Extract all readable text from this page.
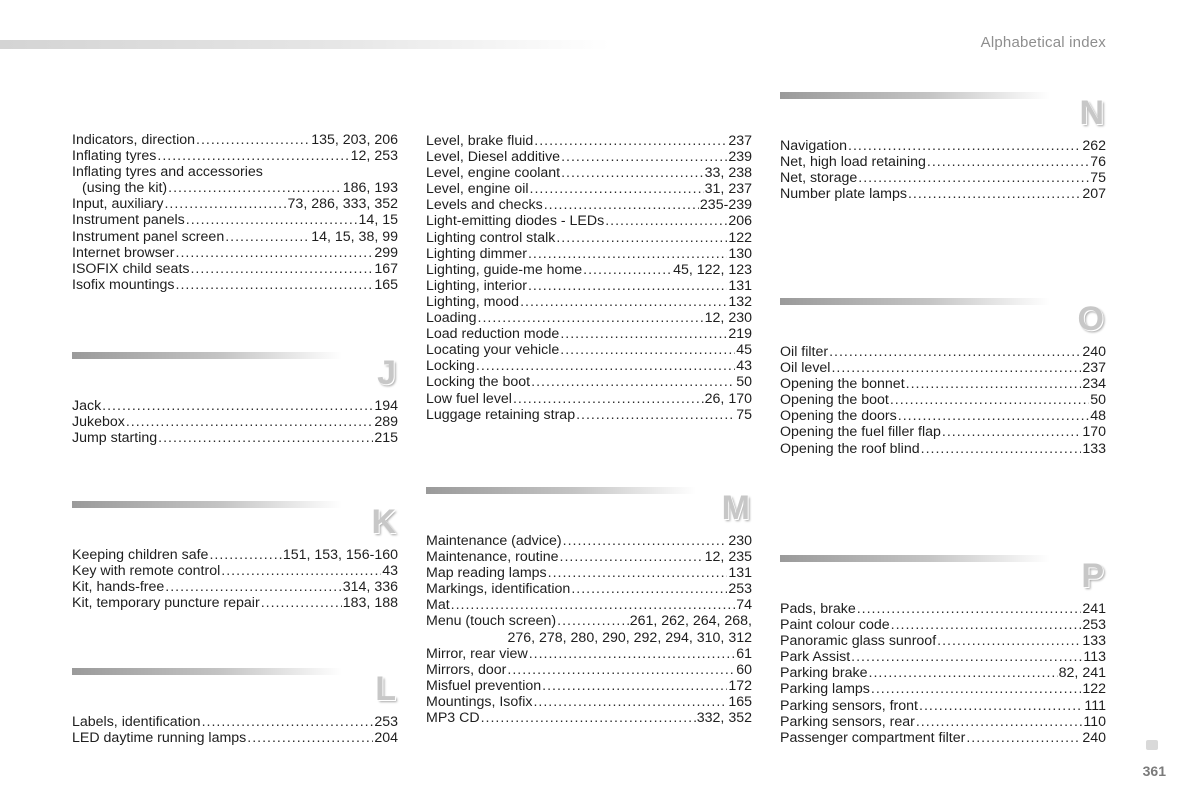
Alphabetical index
Indicators, direction .....	135, 203, 206
Inflating tyres .....	12, 253
Inflating tyres and accessories
(using the kit) .....	186, 193
Input, auxiliary .....	73, 286, 333, 352
Instrument panels .....	14, 15
Instrument panel screen .....	14, 15, 38, 99
Internet browser .....	299
ISOFIX child seats .....	167
Isofix mountings .....	165
J
Jack .....	194
Jukebox .....	289
Jump starting .....	215
K
Keeping children safe .....	151, 153, 156-160
Key with remote control .....	43
Kit, hands-free .....	314, 336
Kit, temporary puncture repair .....	183, 188
L
Labels, identification .....	253
LED daytime running lamps .....	204
Level, brake fluid .....	237
Level, Diesel additive .....	239
Level, engine coolant .....	33, 238
Level, engine oil .....	31, 237
Levels and checks .....	235-239
Light-emitting diodes - LEDs .....	206
Lighting control stalk .....	122
Lighting dimmer .....	130
Lighting, guide-me home .....	45, 122, 123
Lighting, interior .....	131
Lighting, mood .....	132
Loading .....	12, 230
Load reduction mode .....	219
Locating your vehicle .....	45
Locking .....	43
Locking the boot .....	50
Low fuel level .....	26, 170
Luggage retaining strap .....	75
M
Maintenance (advice) .....	230
Maintenance, routine .....	12, 235
Map reading lamps .....	131
Markings, identification .....	253
Mat .....	74
Menu (touch screen) .....	261, 262, 264, 268,
276, 278, 280, 290, 292, 294, 310, 312
Mirror, rear view .....	61
Mirrors, door .....	60
Misfuel prevention .....	172
Mountings, Isofix .....	165
MP3 CD .....	332, 352
N
Navigation .....	262
Net, high load retaining .....	76
Net, storage .....	75
Number plate lamps .....	207
O
Oil filter .....	240
Oil level .....	237
Opening the bonnet .....	234
Opening the boot .....	50
Opening the doors .....	48
Opening the fuel filler flap .....	170
Opening the roof blind .....	133
P
Pads, brake .....	241
Paint colour code .....	253
Panoramic glass sunroof .....	133
Park Assist .....	113
Parking brake .....	82, 241
Parking lamps .....	122
Parking sensors, front .....	111
Parking sensors, rear .....	110
Passenger compartment filter .....	240
361
